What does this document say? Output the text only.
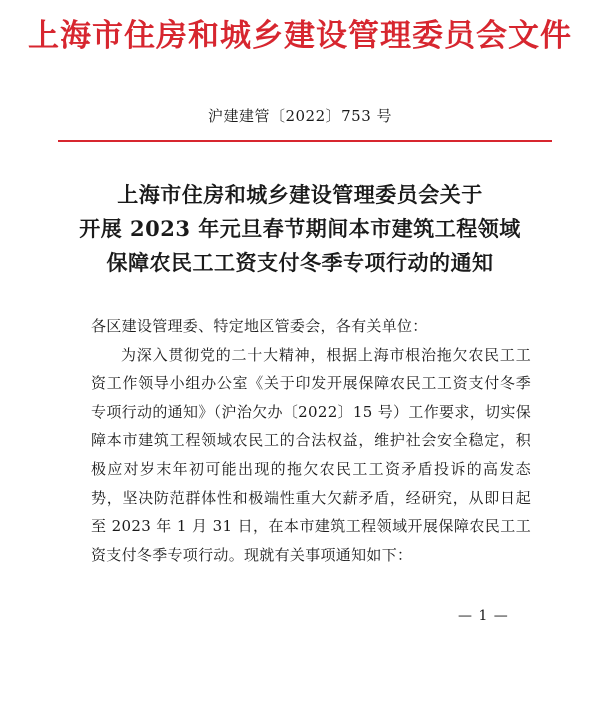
上海市住房和城乡建设管理委员会文件
沪建建管〔2022〕753 号
上海市住房和城乡建设管理委员会关于
开展 2023 年元旦春节期间本市建筑工程领域
保障农民工工资支付冬季专项行动的通知
各区建设管理委、特定地区管委会，各有关单位：
为深入贯彻党的二十大精神，根据上海市根治拖欠农民工工资工作领导小组办公室《关于印发开展保障农民工工资支付冬季专项行动的通知》（沪治欠办〔2022〕15 号）工作要求，切实保障本市建筑工程领域农民工的合法权益，维护社会安全稳定，积极应对岁末年初可能出现的拖欠农民工工资矛盾投诉的高发态势，坚决防范群体性和极端性重大欠薪矛盾，经研究，从即日起至 2023 年 1 月 31 日，在本市建筑工程领域开展保障农民工工资支付冬季专项行动。现就有关事项通知如下：
— 1 —
